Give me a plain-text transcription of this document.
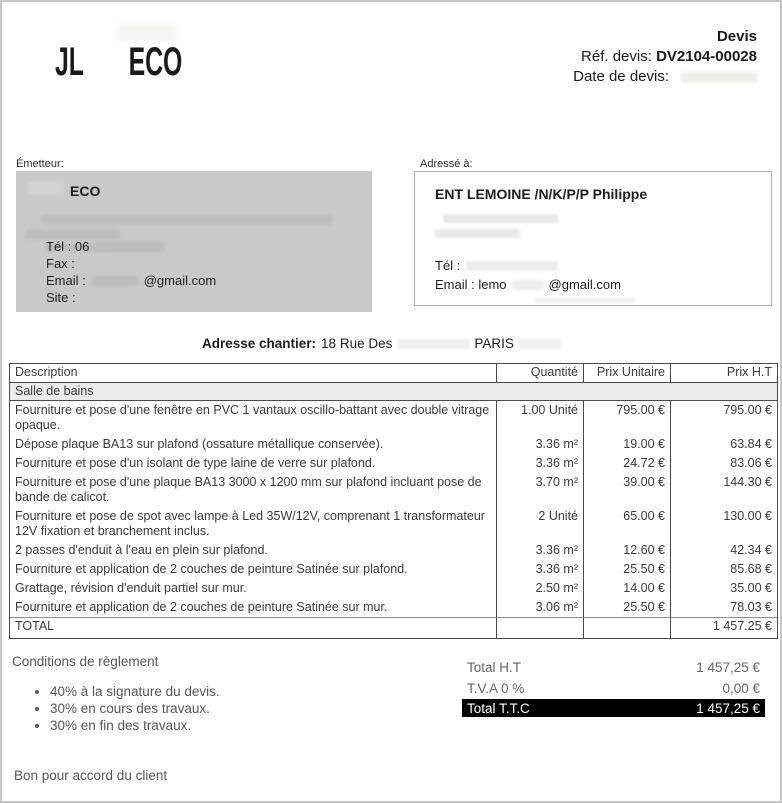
JL ECO
Devis
Réf. devis: DV2104-00028
Date de devis:
Émetteur:
ECO
Tél : 06
Fax :
Email :	@gmail.com
Site :
Adressé à:
ENT LEMOINE /N/K/P/P Philippe
Tél :
Email : lemo	@gmail.com
Adresse chantier: 18 Rue Des	PARIS
Description	Quantité	Prix Unitaire	Prix H.T
Salle de bains			
Fourniture et pose d'une fenêtre en PVC 1 vantaux oscillo-battant avec double vitrage opaque.	1.00 Unité	795.00 €	795.00 €
Dépose plaque BA13 sur plafond (ossature métallique conservée).	3.36 m²	19.00 €	63.84 €
Fourniture et pose d'un isolant de type laine de verre sur plafond.	3.36 m²	24.72 €	83.06 €
Fourniture et pose d'une plaque BA13 3000 x 1200 mm sur plafond incluant pose de bande de calicot.	3.70 m²	39.00 €	144.30 €
Fourniture et pose de spot avec lampe à Led 35W/12V, comprenant 1 transformateur 12V fixation et branchement inclus.	2 Unité	65.00 €	130.00 €
2 passes d'enduit à l'eau en plein sur plafond.	3.36 m²	12.60 €	42.34 €
Fourniture et application de 2 couches de peinture Satinée sur plafond.	3.36 m²	25.50 €	85.68 €
Grattage, révision d'enduit partiel sur mur.	2.50 m²	14.00 €	35.00 €
Fourniture et application de 2 couches de peinture Satinée sur mur.	3.06 m²	25.50 €	78.03 €
TOTAL			1 457.25 €
Conditions de règlement
• 40% à la signature du devis.
• 30% en cours des travaux.
• 30% en fin des travaux.
Total H.T	1 457,25 €
T.V.A 0 %	0,00 €
Total T.T.C	1 457,25 €
Bon pour accord du client
